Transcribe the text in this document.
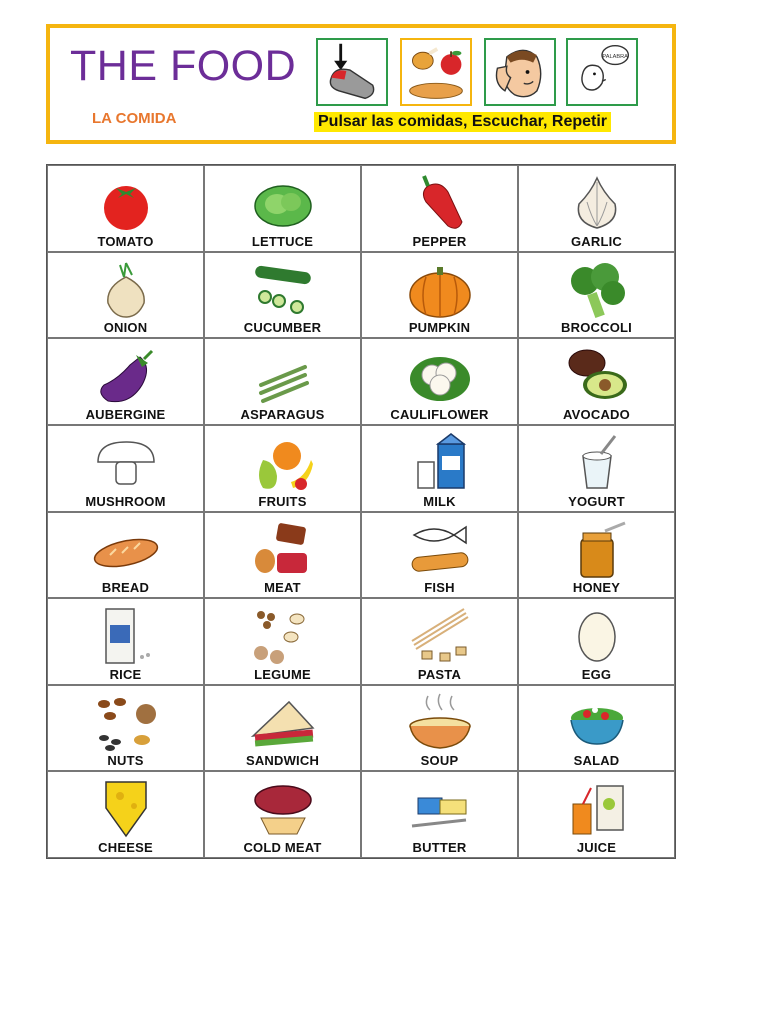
THE FOOD
LA COMIDA
PALABRA
Pulsar las comidas, Escuchar, Repetir
TOMATO	LETTUCE	PEPPER	GARLIC
ONION	CUCUMBER	PUMPKIN	BROCCOLI
AUBERGINE	ASPARAGUS	CAULIFLOWER	AVOCADO
MUSHROOM	FRUITS	MILK	YOGURT
BREAD	MEAT	FISH	HONEY
RICE	LEGUME	PASTA	EGG
NUTS	SANDWICH	SOUP	SALAD
CHEESE	COLD MEAT	BUTTER	JUICE
